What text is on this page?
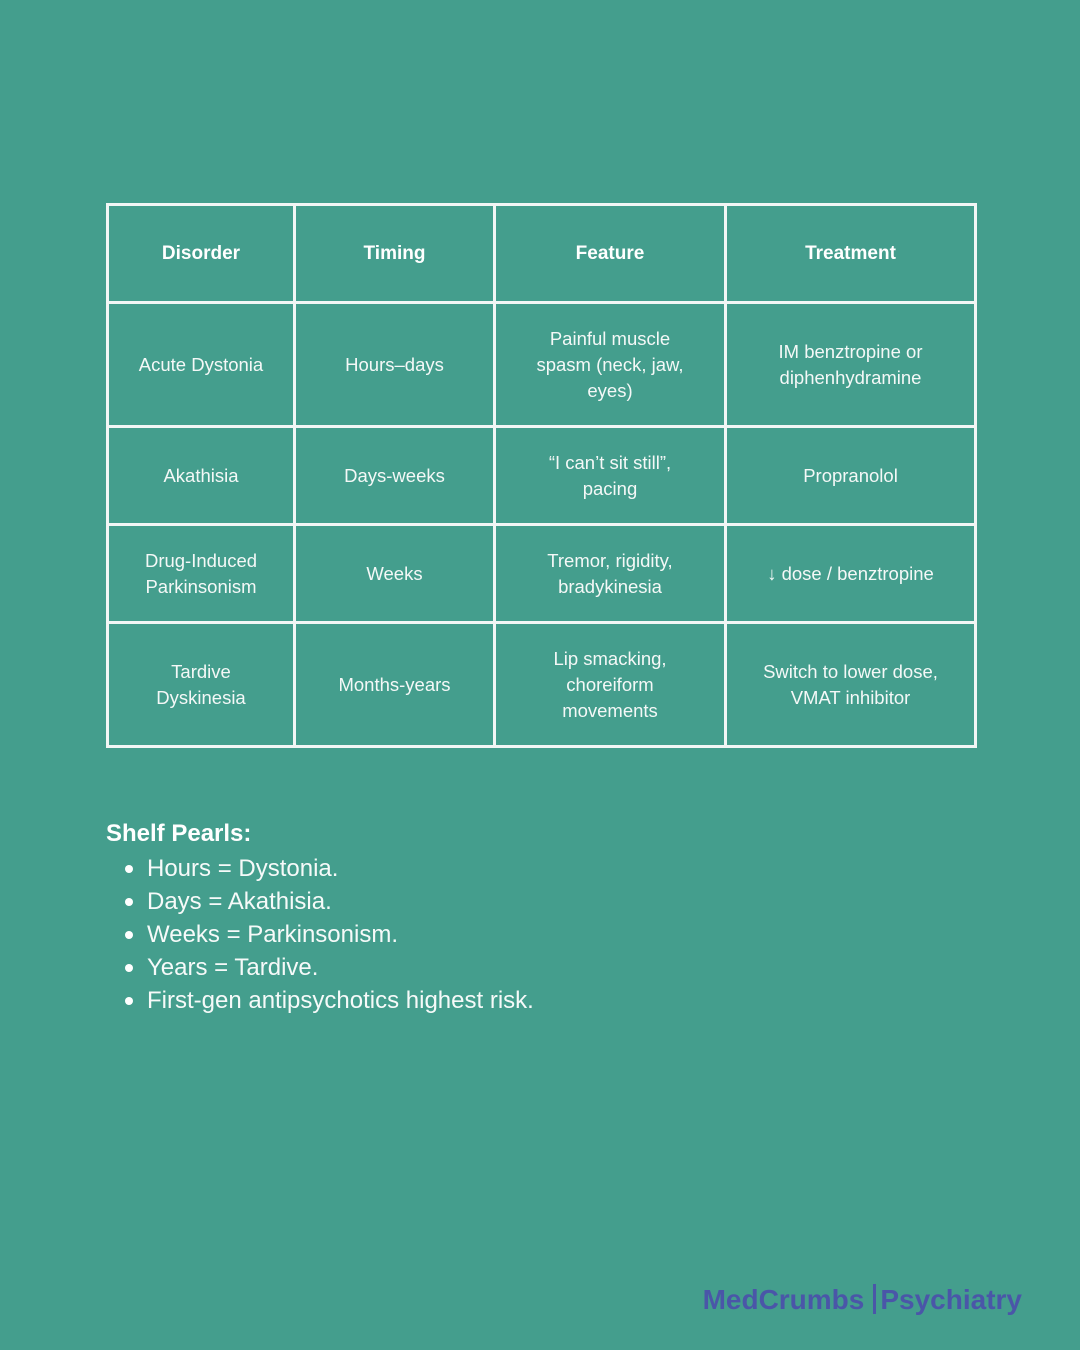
Disorder	Timing	Feature	Treatment
Acute Dystonia	Hours–days	Painful muscle spasm (neck, jaw, eyes)	IM benztropine or diphenhydramine
Akathisia	Days-weeks	“I can’t sit still”, pacing	Propranolol
Drug-Induced Parkinsonism	Weeks	Tremor, rigidity, bradykinesia	↓ dose / benztropine
Tardive Dyskinesia	Months-years	Lip smacking, choreiform movements	Switch to lower dose, VMAT inhibitor

Shelf Pearls:

Hours = Dystonia.
Days = Akathisia.
Weeks = Parkinsonism.
Years = Tardive.
First-gen antipsychotics highest risk.
MedCrumbs Psychiatry
